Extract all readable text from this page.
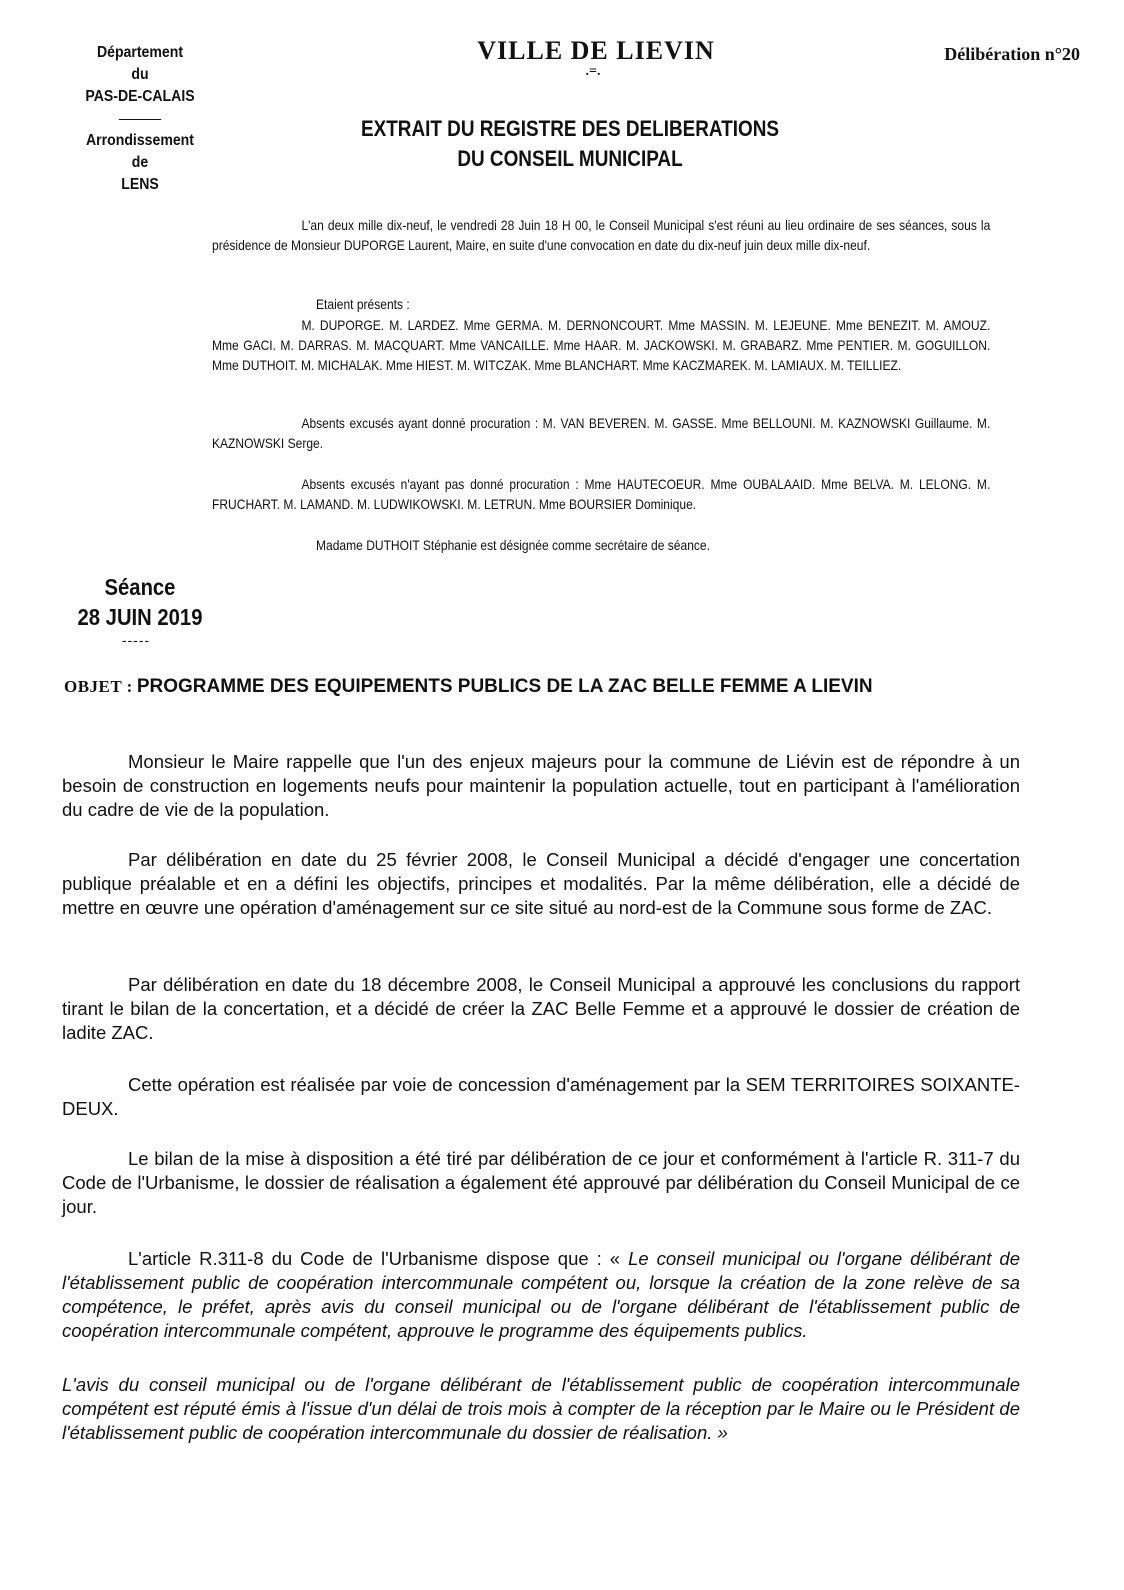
Département
du
PAS-DE-CALAIS
Arrondissement
de
LENS
VILLE DE LIEVIN
.=.
Délibération n°20
EXTRAIT DU REGISTRE DES DELIBERATIONS
DU CONSEIL MUNICIPAL
L'an deux mille dix-neuf, le vendredi 28 Juin 18 H 00, le Conseil Municipal s'est réuni au lieu ordinaire de ses séances, sous la présidence de Monsieur DUPORGE Laurent, Maire, en suite d'une convocation en date du dix-neuf juin deux mille dix-neuf.
Etaient présents :
M. DUPORGE. M. LARDEZ. Mme GERMA. M. DERNONCOURT. Mme MASSIN. M. LEJEUNE. Mme BENEZIT. M. AMOUZ. Mme GACI. M. DARRAS. M. MACQUART. Mme VANCAILLE. Mme HAAR. M. JACKOWSKI. M. GRABARZ. Mme PENTIER. M. GOGUILLON. Mme DUTHOIT. M. MICHALAK. Mme HIEST. M. WITCZAK. Mme BLANCHART. Mme KACZMAREK. M. LAMIAUX. M. TEILLIEZ.
Absents excusés ayant donné procuration : M. VAN BEVEREN. M. GASSE. Mme BELLOUNI. M. KAZNOWSKI Guillaume. M. KAZNOWSKI Serge.
Absents excusés n'ayant pas donné procuration : Mme HAUTECOEUR. Mme OUBALAAID. Mme BELVA. M. LELONG. M. FRUCHART. M. LAMAND. M. LUDWIKOWSKI. M. LETRUN. Mme BOURSIER Dominique.
Madame DUTHOIT Stéphanie est désignée comme secrétaire de séance.
Séance
28 JUIN 2019
-----
OBJET : PROGRAMME DES EQUIPEMENTS PUBLICS DE LA ZAC BELLE FEMME A LIEVIN
Monsieur le Maire rappelle que l'un des enjeux majeurs pour la commune de Liévin est de répondre à un besoin de construction en logements neufs pour maintenir la population actuelle, tout en participant à l'amélioration du cadre de vie de la population.
Par délibération en date du 25 février 2008, le Conseil Municipal a décidé d'engager une concertation publique préalable et en a défini les objectifs, principes et modalités. Par la même délibération, elle a décidé de mettre en œuvre une opération d'aménagement sur ce site situé au nord-est de la Commune sous forme de ZAC.
Par délibération en date du 18 décembre 2008, le Conseil Municipal a approuvé les conclusions du rapport tirant le bilan de la concertation, et a décidé de créer la ZAC Belle Femme et a approuvé le dossier de création de ladite ZAC.
Cette opération est réalisée par voie de concession d'aménagement par la SEM TERRITOIRES SOIXANTE-DEUX.
Le bilan de la mise à disposition a été tiré par délibération de ce jour et conformément à l'article R. 311-7 du Code de l'Urbanisme, le dossier de réalisation a également été approuvé par délibération du Conseil Municipal de ce jour.
L'article R.311-8 du Code de l'Urbanisme dispose que : « Le conseil municipal ou l'organe délibérant de l'établissement public de coopération intercommunale compétent ou, lorsque la création de la zone relève de sa compétence, le préfet, après avis du conseil municipal ou de l'organe délibérant de l'établissement public de coopération intercommunale compétent, approuve le programme des équipements publics.
L'avis du conseil municipal ou de l'organe délibérant de l'établissement public de coopération intercommunale compétent est réputé émis à l'issue d'un délai de trois mois à compter de la réception par le Maire ou le Président de l'établissement public de coopération intercommunale du dossier de réalisation. »
